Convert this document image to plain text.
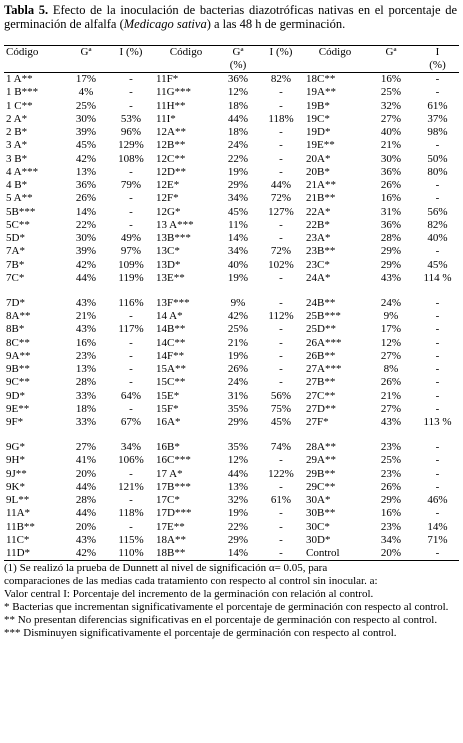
Tabla 5. Efecto de la inoculación de bacterias diazotróficas nativas en el porcentaje de germinación de alfalfa (Medicago sativa) a las 48 h de germinación.
Código	Gª	I (%)	Código	Gª	I (%)	Código	Gª	I
				(%)				(%)
1 A**	17%	-	11F*	36%	82%	18C**	16%	-
1 B***	4%	-	11G***	12%	-	19A**	25%	-
1 C**	25%	-	11H**	18%	-	19B*	32%	61%
2 A*	30%	53%	11I*	44%	118%	19C*	27%	37%
2 B*	39%	96%	12A**	18%	-	19D*	40%	98%
3 A*	45%	129%	12B**	24%	-	19E**	21%	-
3 B*	42%	108%	12C**	22%	-	20A*	30%	50%
4 A***	13%	-	12D**	19%	-	20B*	36%	80%
4 B*	36%	79%	12E*	29%	44%	21A**	26%	-
5 A**	26%	-	12F*	34%	72%	21B**	16%	-
5B***	14%	-	12G*	45%	127%	22A*	31%	56%
5C**	22%	-	13 A***	11%	-	22B*	36%	82%
5D*	30%	49%	13B***	14%	-	23A*	28%	40%
7A*	39%	97%	13C*	34%	72%	23B**	29%	-
7B*	42%	109%	13D*	40%	102%	23C*	29%	45%
7C*	44%	119%	13E**	19%	-	24A*	43%	114 %
7D*	43%	116%	13F***	9%	-	24B**	24%	-
8A**	21%	-	14 A*	42%	112%	25B***	9%	-
8B*	43%	117%	14B**	25%	-	25D**	17%	-
8C**	16%	-	14C**	21%	-	26A***	12%	-
9A**	23%	-	14F**	19%	-	26B**	27%	-
9B**	13%	-	15A**	26%	-	27A***	8%	-
9C**	28%	-	15C**	24%	-	27B**	26%	-
9D*	33%	64%	15E*	31%	56%	27C**	21%	-
9E**	18%	-	15F*	35%	75%	27D**	27%	-
9F*	33%	67%	16A*	29%	45%	27F*	43%	113 %
9G*	27%	34%	16B*	35%	74%	28A**	23%	-
9H*	41%	106%	16C***	12%	-	29A**	25%	-
9J**	20%	-	17 A*	44%	122%	29B**	23%	-
9K*	44%	121%	17B***	13%	-	29C**	26%	-
9L**	28%	-	17C*	32%	61%	30A*	29%	46%
11A*	44%	118%	17D***	19%	-	30B**	16%	-
11B**	20%	-	17E**	22%	-	30C*	23%	14%
11C*	43%	115%	18A**	29%	-	30D*	34%	71%
11D*	42%	110%	18B**	14%	-	Control	20%	-
(1) Se realizó la prueba de Dunnett al nivel de significación α= 0.05, para
comparaciones de las medias cada tratamiento con respecto al control sin inocular. a:
Valor central I: Porcentaje del incremento de la germinación con relación al control.
* Bacterias que incrementan significativamente el porcentaje de germinación con respecto al control.
** No presentan diferencias significativas en el porcentaje de germinación con respecto al control.
*** Disminuyen significativamente el porcentaje de germinación con respecto al control.
